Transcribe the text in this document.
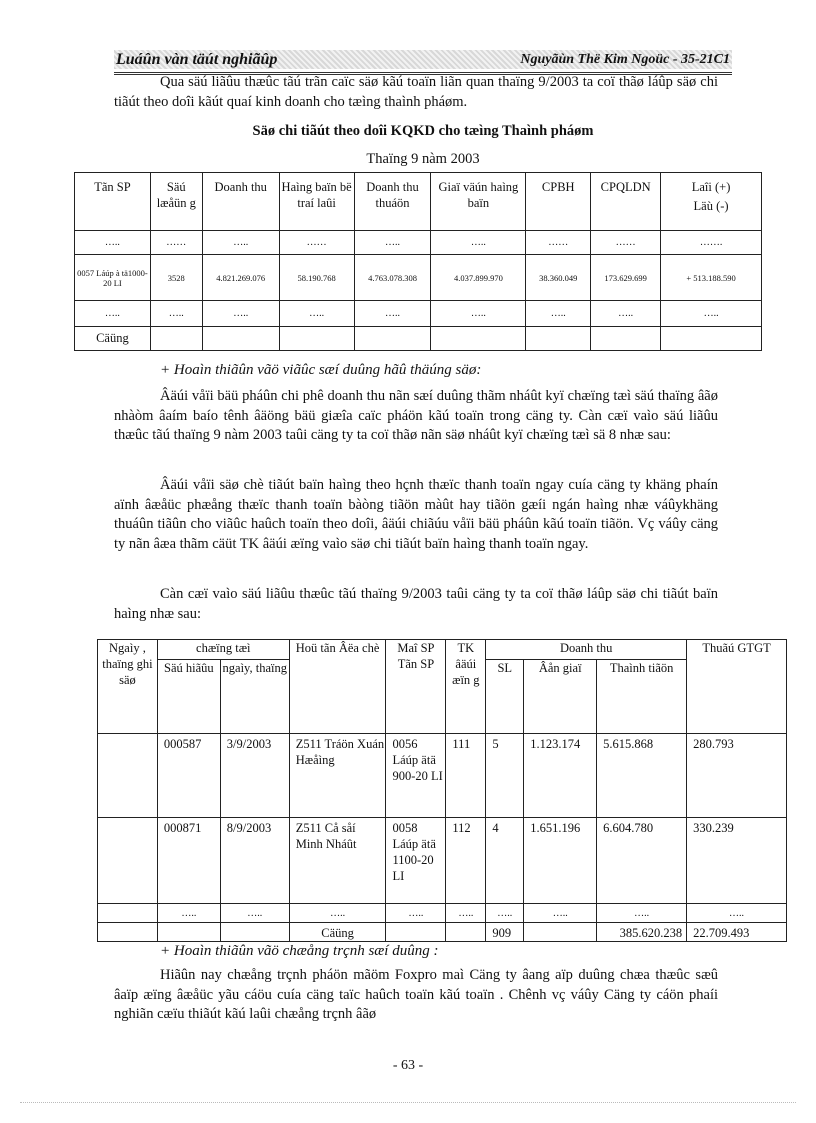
Luáûn vàn täút nghiãûp	Nguyãùn Thë Kim Ngoüc - 35-21C1

Qua säú liãûu thæûc tãú trãn caïc säø kãú toaïn liãn quan thaïng 9/2003 ta coï thãø láûp säø chi tiãút theo doîi kãút quaí kinh doanh cho tæìng thaình pháøm.

Säø chi tiãút theo doîi KQKD cho tæìng Thaình pháøm
Thaïng 9 nàm 2003
Tãn SP	Säú læåün g	Doanh thu	Haìng baïn bë traí laûi	Doanh thu thuáön	Giaï väún haìng baïn	CPBH	CPQLDN	Laîi (+)
Läù (-)

…..	……	…..	……	…..	…..	……	……	…….
0057 Láúp à tä1000-20 LI	3528	4.821.269.076	58.190.768	4.763.078.308	4.037.899.970	38.360.049	173.629.699	+ 513.188.590
…..	…..	…..	…..	…..	…..	…..	…..	…..
Cäüng								
+ Hoaìn thiãûn vãö viãûc sæí duûng hãû thäúng säø:

Âäúi våïi bäü pháûn chi phê doanh thu nãn sæí duûng thãm nháût kyï chæïng tæì säú thaïng âãø nhàòm âaím baío tênh âäöng bäü giæîa caïc pháön kãú toaïn trong cäng ty. Càn cæï vaìo säú liãûu thæûc tãú thaïng 9 nàm 2003 taûi cäng ty ta coï thãø nãn säø nháût kyï chæïng tæì sä 8 nhæ sau:

Âäúi våïi säø chè tiãút baïn haìng theo hçnh thæïc thanh toaïn ngay cuía cäng ty khäng phaín aïnh âæåüc phæång thæïc thanh toaïn bàòng tiãön màût hay tiãön gæíi ngán haìng nhæ váûykhäng thuáûn tiãûn cho viãûc haûch toaïn theo doîi, âäúi chiãúu våïi bäü pháûn kãú toaïn tiãön. Vç váûy cäng ty nãn âæa thãm cäüt TK âäúi æïng vaìo säø chi tiãút baïn haìng thanh toaïn ngay.

Càn cæï vaìo säú liãûu thæûc tãú thaïng 9/2003 taûi cäng ty ta coï thãø láûp säø chi tiãút baïn haìng nhæ sau:

Ngaìy , thaïng ghi säø	chæïng tæì		Hoü tãn Âëa chè	Maî SP Tãn SP	TK âäúi æïn g	Doanh thu			Thuãú GTGT
	Säú hiãûu	ngaìy, thaïng				SL	Âån giaï	Thaình tiãön	
	000587	3/9/2003	Z511 Tráön Xuán Hæåìng	0056 Láúp ätä 900-20 LI	111	5	1.123.174	5.615.868	280.793
	000871	8/9/2003	Z511 Cå såí Minh Nháût	0058 Láúp ätä 1100-20 LI	112	4	1.651.196	6.604.780	330.239
	…..	…..	…..	…..	…..	…..	…..	…..	…..
			Cäüng			909		385.620.238	22.709.493
+ Hoaìn thiãûn vãö chæång trçnh sæí duûng :

Hiãûn nay chæång trçnh pháön mãöm Foxpro maì Cäng ty âang aïp duûng chæa thæûc sæû âaïp æïng âæåüc yãu cáöu cuía cäng taïc haûch toaïn kãú toaïn . Chênh vç váûy Cäng ty cáön phaíi nghiãn cæïu thiãút kãú laûi chæång trçnh âãø

- 63 -
